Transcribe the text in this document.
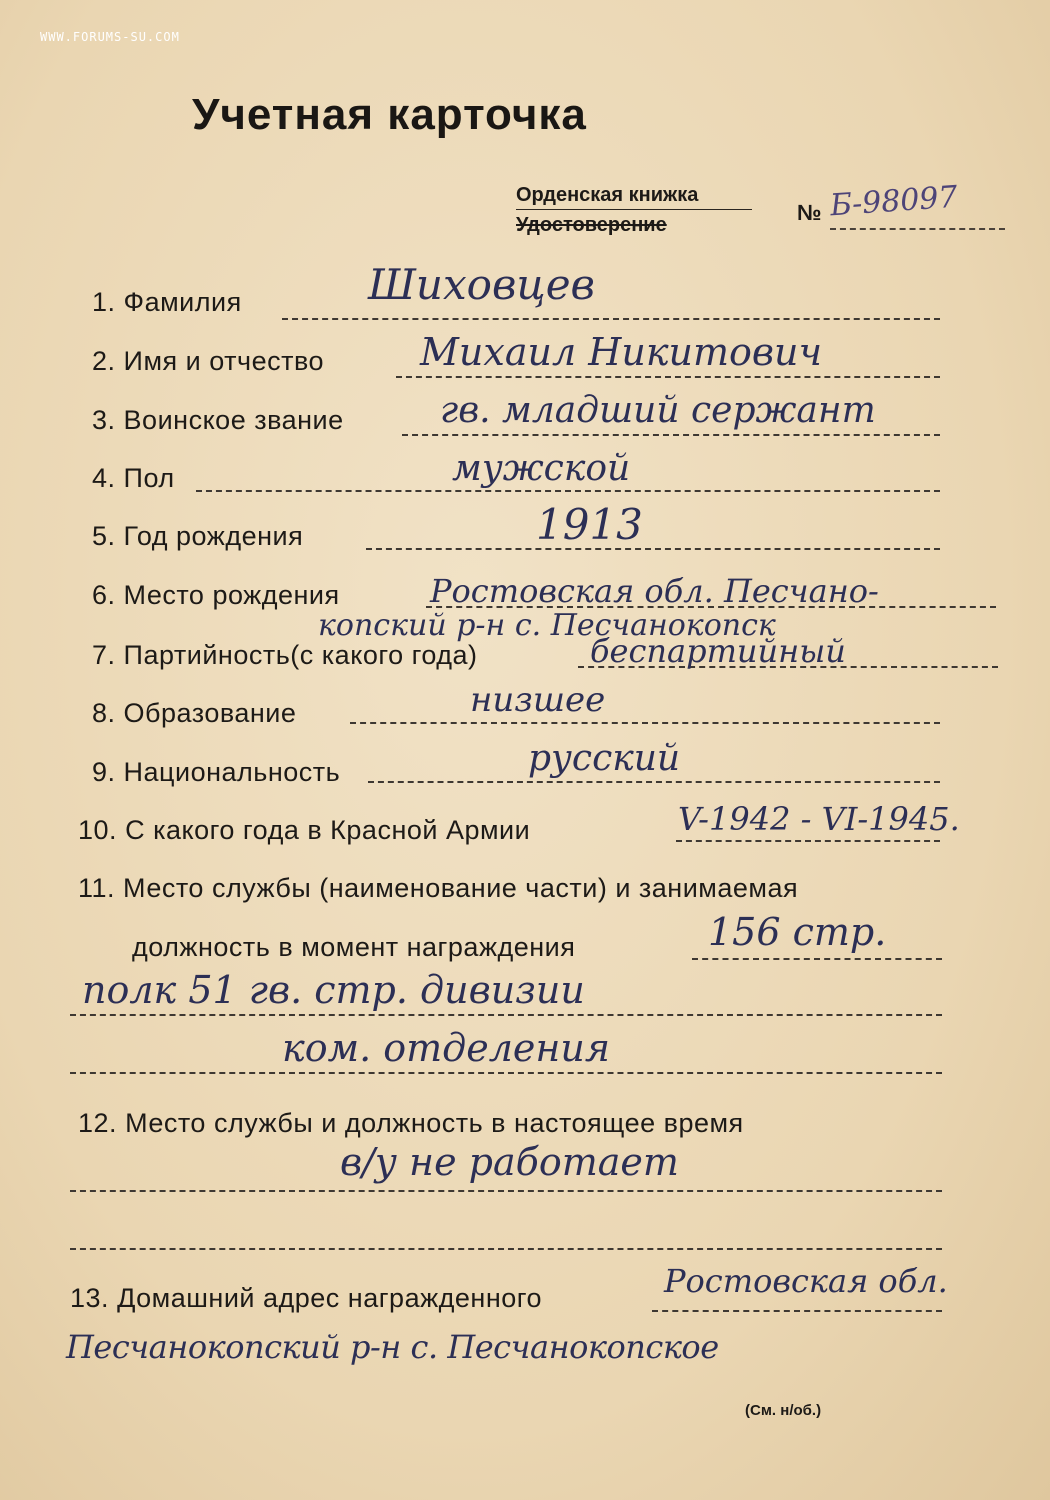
WWW.FORUMS-SU.COM
Учетная карточка
Орденская книжка
Удостоверение	№ Б-98097
1. Фамилия	Шиховцев
2. Имя и отчество	Михаил Никитович
3. Воинское звание	гв. младший сержант
4. Пол	мужской
5. Год рождения	1913
6. Место рождения	Ростовская обл. Песчано-
копский р-н с. Песчанокопск
7. Партийность(с какого года)	беспартийный
8. Образование	низшее
9. Национальность	русский
10. С какого года в Красной Армии	V-1942 - VI-1945.
11. Место службы (наименование части) и занимаемая
должность в момент награждения	156 стр.
полк 51 гв. стр. дивизии
ком. отделения
12. Место службы и должность в настоящее время
в/у не работает
13. Домашний адрес награжденного	Ростовская обл.
Песчанокопский р-н с. Песчанокопское
(См. н/об.)
